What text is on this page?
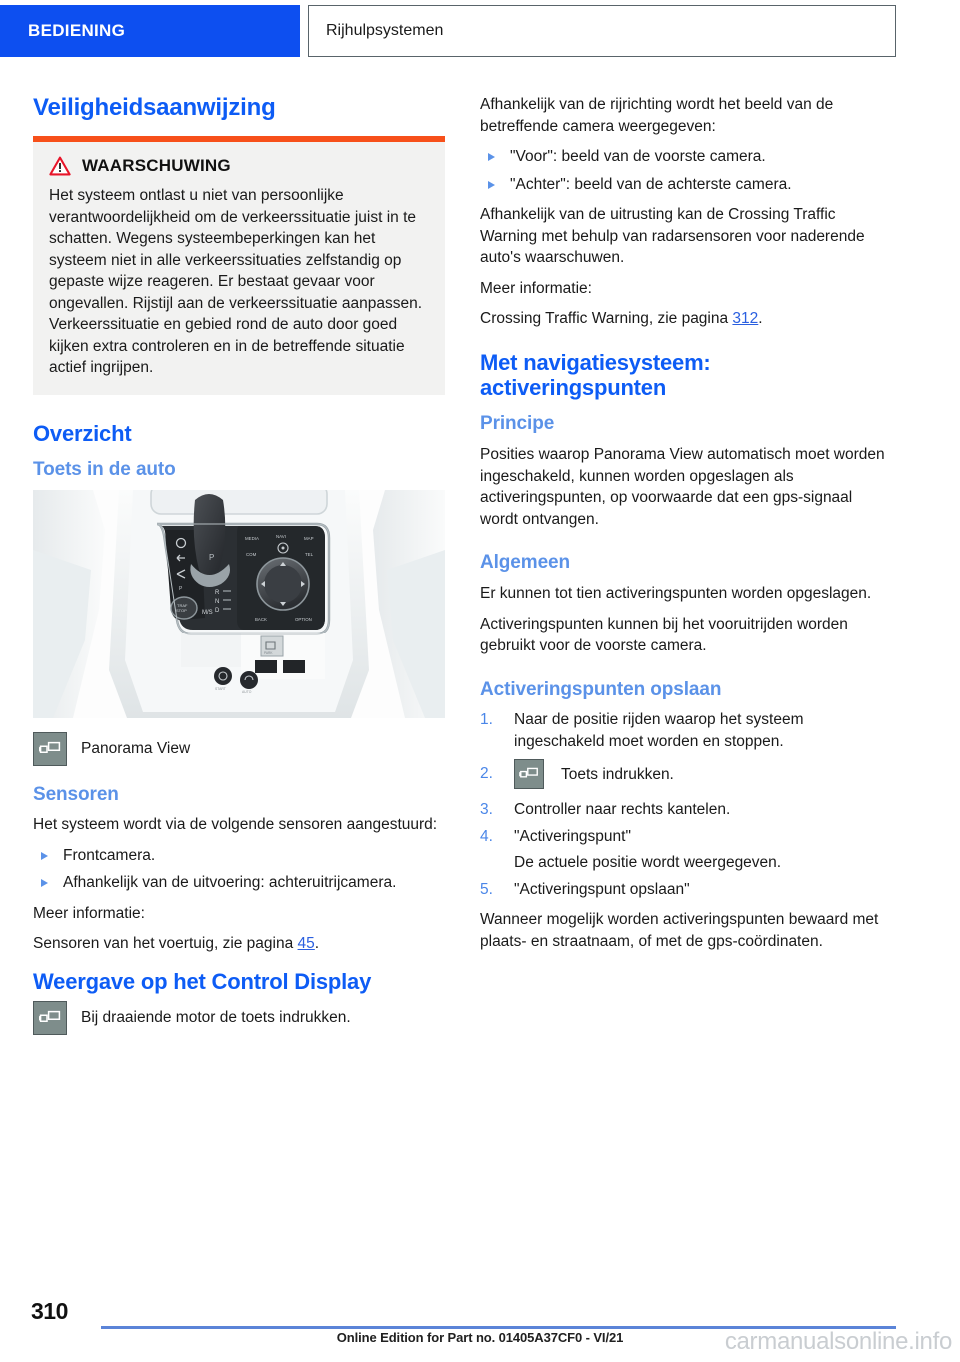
BEDIENING	Rijhulpsystemen
Veiligheidsaanwijzing
WAARSCHUWING

Het systeem ontlast u niet van persoonlijke verantwoordelijkheid om de verkeerssituatie juist in te schatten. Wegens systeembeperkingen kan het systeem niet in alle verkeerssituaties zelfstandig op gepaste wijze reageren. Er bestaat gevaar voor ongevallen. Rijstijl aan de verkeerssituatie aanpassen. Verkeerssituatie en gebied rond de auto door goed kijken extra controleren en in de betreffende situatie actief ingrijpen.

Overzicht
Toets in de auto
P
TRAF
STOP
P
R
N
D
M/S
MEDIA	NAVI	MAP
COM	TEL
BACK	OPTION
PARK
START
AUTO
Panorama View
Sensoren

Het systeem wordt via de volgende sensoren aangestuurd:

Frontcamera.
Afhankelijk van de uitvoering: achteruitrijcamera.

Meer informatie:

Sensoren van het voertuig, zie pagina 45.

Weergave op het Control Display
Bij draaiende motor de toets indrukken.

Afhankelijk van de rijrichting wordt het beeld van de betreffende camera weergegeven:

"Voor": beeld van de voorste camera.
"Achter": beeld van de achterste camera.

Afhankelijk van de uitrusting kan de Crossing Traffic Warning met behulp van radarsensoren voor naderende auto's waarschuwen.

Meer informatie:

Crossing Traffic Warning, zie pagina 312.

Met navigatiesysteem: activeringspunten
Principe

Posities waarop Panorama View automatisch moet worden ingeschakeld, kunnen worden opgeslagen als activeringspunten, op voorwaarde dat een gps-signaal wordt ontvangen.

Algemeen

Er kunnen tot tien activeringspunten worden opgeslagen.

Activeringspunten kunnen bij het vooruitrijden worden gebruikt voor de voorste camera.

Activeringspunten opslaan
1. Naar de positie rijden waarop het systeem ingeschakeld moet worden en stoppen.
2.	Toets indrukken.
3. Controller naar rechts kantelen.
4. "Activeringspunt"
De actuele positie wordt weergegeven.
5. "Activeringspunt opslaan"

Wanneer mogelijk worden activeringspunten bewaard met plaats- en straatnaam, of met de gps-coördinaten.

310
Online Edition for Part no. 01405A37CF0 - VI/21	carmanualsonline.info
